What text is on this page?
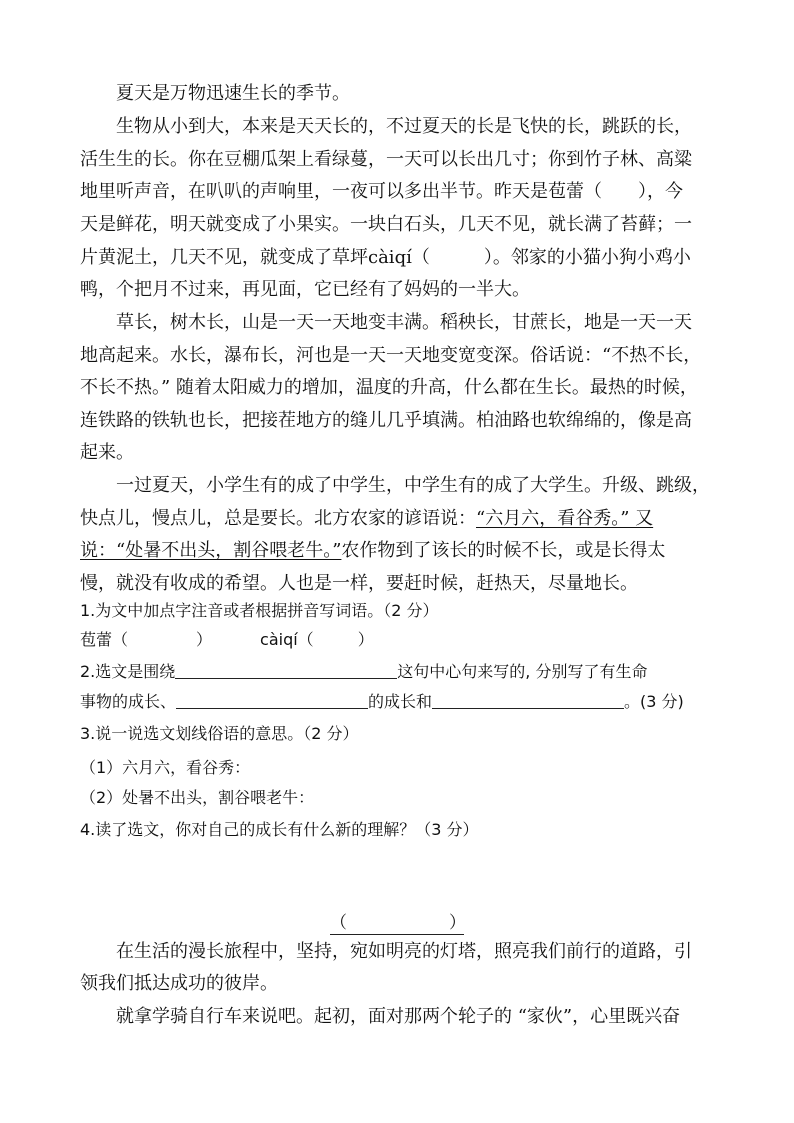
　　夏天是万物迅速生长的季节。
　　生物从小到大，本来是天天长的，不过夏天的长是飞快的长，跳跃的长，
活生生的长。你在豆棚瓜架上看绿蔓，一天可以长出几寸；你到竹子林、高粱
地里听声音，在叭叭的声响里，一夜可以多出半节。昨天是苞蕾（　　），今
天是鲜花，明天就变成了小果实。一块白石头，几天不见，就长满了苔藓；一
片黄泥土，几天不见，就变成了草坪càiqí（　　　）。邻家的小猫小狗小鸡小
鸭，个把月不过来，再见面，它已经有了妈妈的一半大。
　　草长，树木长，山是一天一天地变丰满。稻秧长，甘蔗长，地是一天一天
地高起来。水长，瀑布长，河也是一天一天地变宽变深。俗话说：“不热不长，
不长不热。” 随着太阳威力的增加，温度的升高，什么都在生长。最热的时候，
连铁路的铁轨也长，把接茬地方的缝儿几乎填满。柏油路也软绵绵的，像是高
起来。
　　一过夏天，小学生有的成了中学生，中学生有的成了大学生。升级、跳级，
快点儿，慢点儿，总是要长。北方农家的谚语说：“六月六，看谷秀。” 又
说：“处暑不出头，割谷喂老牛。”农作物到了该长的时候不长，或是长得太
慢，就没有收成的希望。人也是一样，要赶时候，赶热天，尽量地长。
1.为文中加点字注音或者根据拼音写词语。（2 分）
苞蕾（	）	càiqí（	）
2.选文是围绕	这句中心句来写的, 分别写了有生命
事物的成长、	的成长和	。(3 分)
3.说一说选文划线俗语的意思。（2 分）
（1）六月六，看谷秀：
（2）处暑不出头，割谷喂老牛：
4.读了选文，你对自己的成长有什么新的理解？（3 分）
（　　　　　　）
　　在生活的漫长旅程中，坚持，宛如明亮的灯塔，照亮我们前行的道路，引
领我们抵达成功的彼岸。
　　就拿学骑自行车来说吧。起初，面对那两个轮子的 “家伙”，心里既兴奋
